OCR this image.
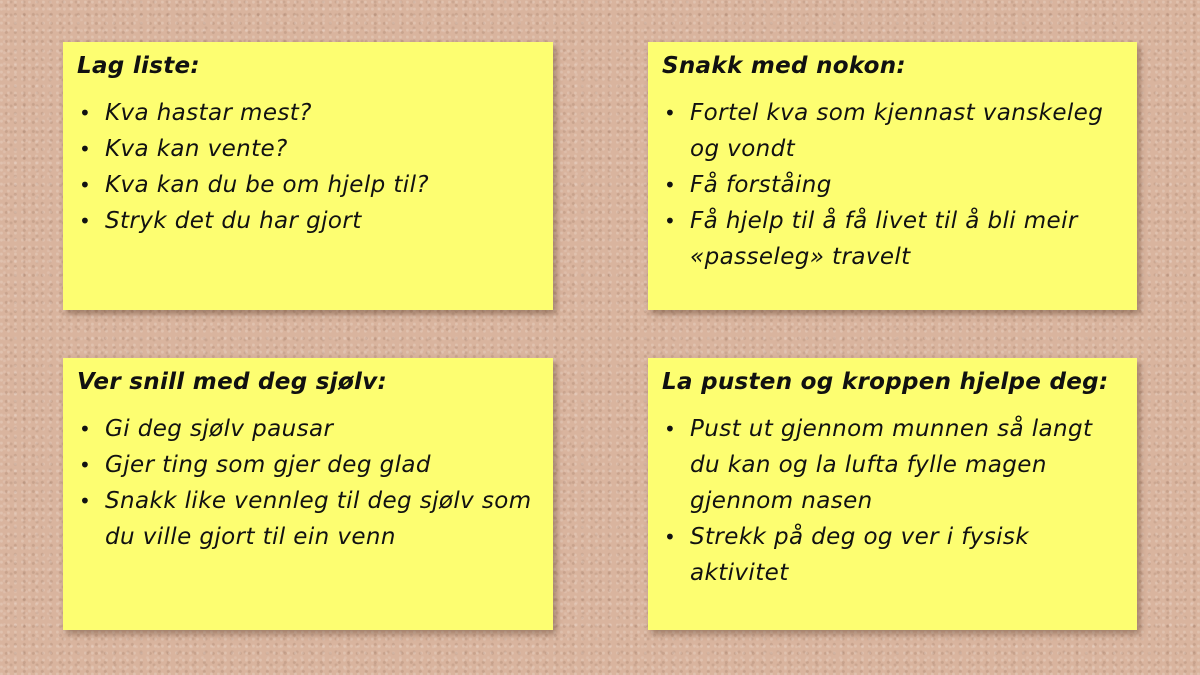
Lag liste:
• Kva hastar mest?
• Kva kan vente?
• Kva kan du be om hjelp til?
• Stryk det du har gjort
Snakk med nokon:
• Fortel kva som kjennast vanskeleg og vondt
• Få forståing
• Få hjelp til å få livet til å bli meir «passeleg» travelt
Ver snill med deg sjølv:
• Gi deg sjølv pausar
• Gjer ting som gjer deg glad
• Snakk like vennleg til deg sjølv som du ville gjort til ein venn
La pusten og kroppen hjelpe deg:
• Pust ut gjennom munnen så langt du kan og la lufta fylle magen gjennom nasen
• Strekk på deg og ver i fysisk aktivitet
